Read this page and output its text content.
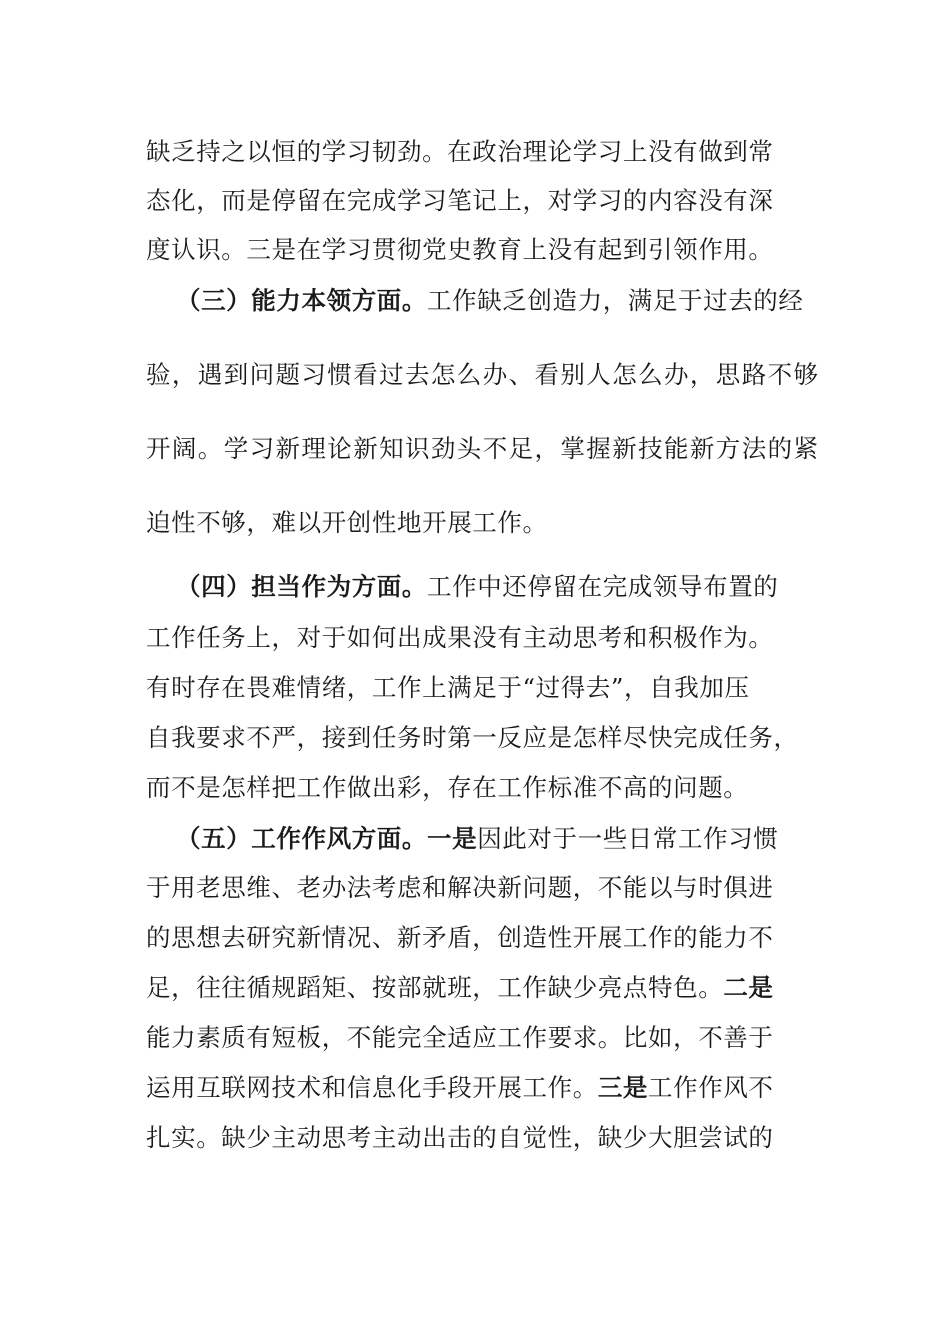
缺乏持之以恒的学习韧劲。在政治理论学习上没有做到常
态化，而是停留在完成学习笔记上，对学习的内容没有深
度认识。三是在学习贯彻党史教育上没有起到引领作用。
（三）能力本领方面。工作缺乏创造力，满足于过去的经
验，遇到问题习惯看过去怎么办、看别人怎么办，思路不够
开阔。学习新理论新知识劲头不足，掌握新技能新方法的紧
迫性不够，难以开创性地开展工作。
（四）担当作为方面。工作中还停留在完成领导布置的
工作任务上，对于如何出成果没有主动思考和积极作为。
有时存在畏难情绪，工作上满足于“过得去”，自我加压
自我要求不严，接到任务时第一反应是怎样尽快完成任务，
而不是怎样把工作做出彩，存在工作标准不高的问题。
（五）工作作风方面。一是因此对于一些日常工作习惯
于用老思维、老办法考虑和解决新问题，不能以与时俱进
的思想去研究新情况、新矛盾，创造性开展工作的能力不
足，往往循规蹈矩、按部就班，工作缺少亮点特色。二是
能力素质有短板，不能完全适应工作要求。比如，不善于
运用互联网技术和信息化手段开展工作。三是工作作风不
扎实。缺少主动思考主动出击的自觉性，缺少大胆尝试的
